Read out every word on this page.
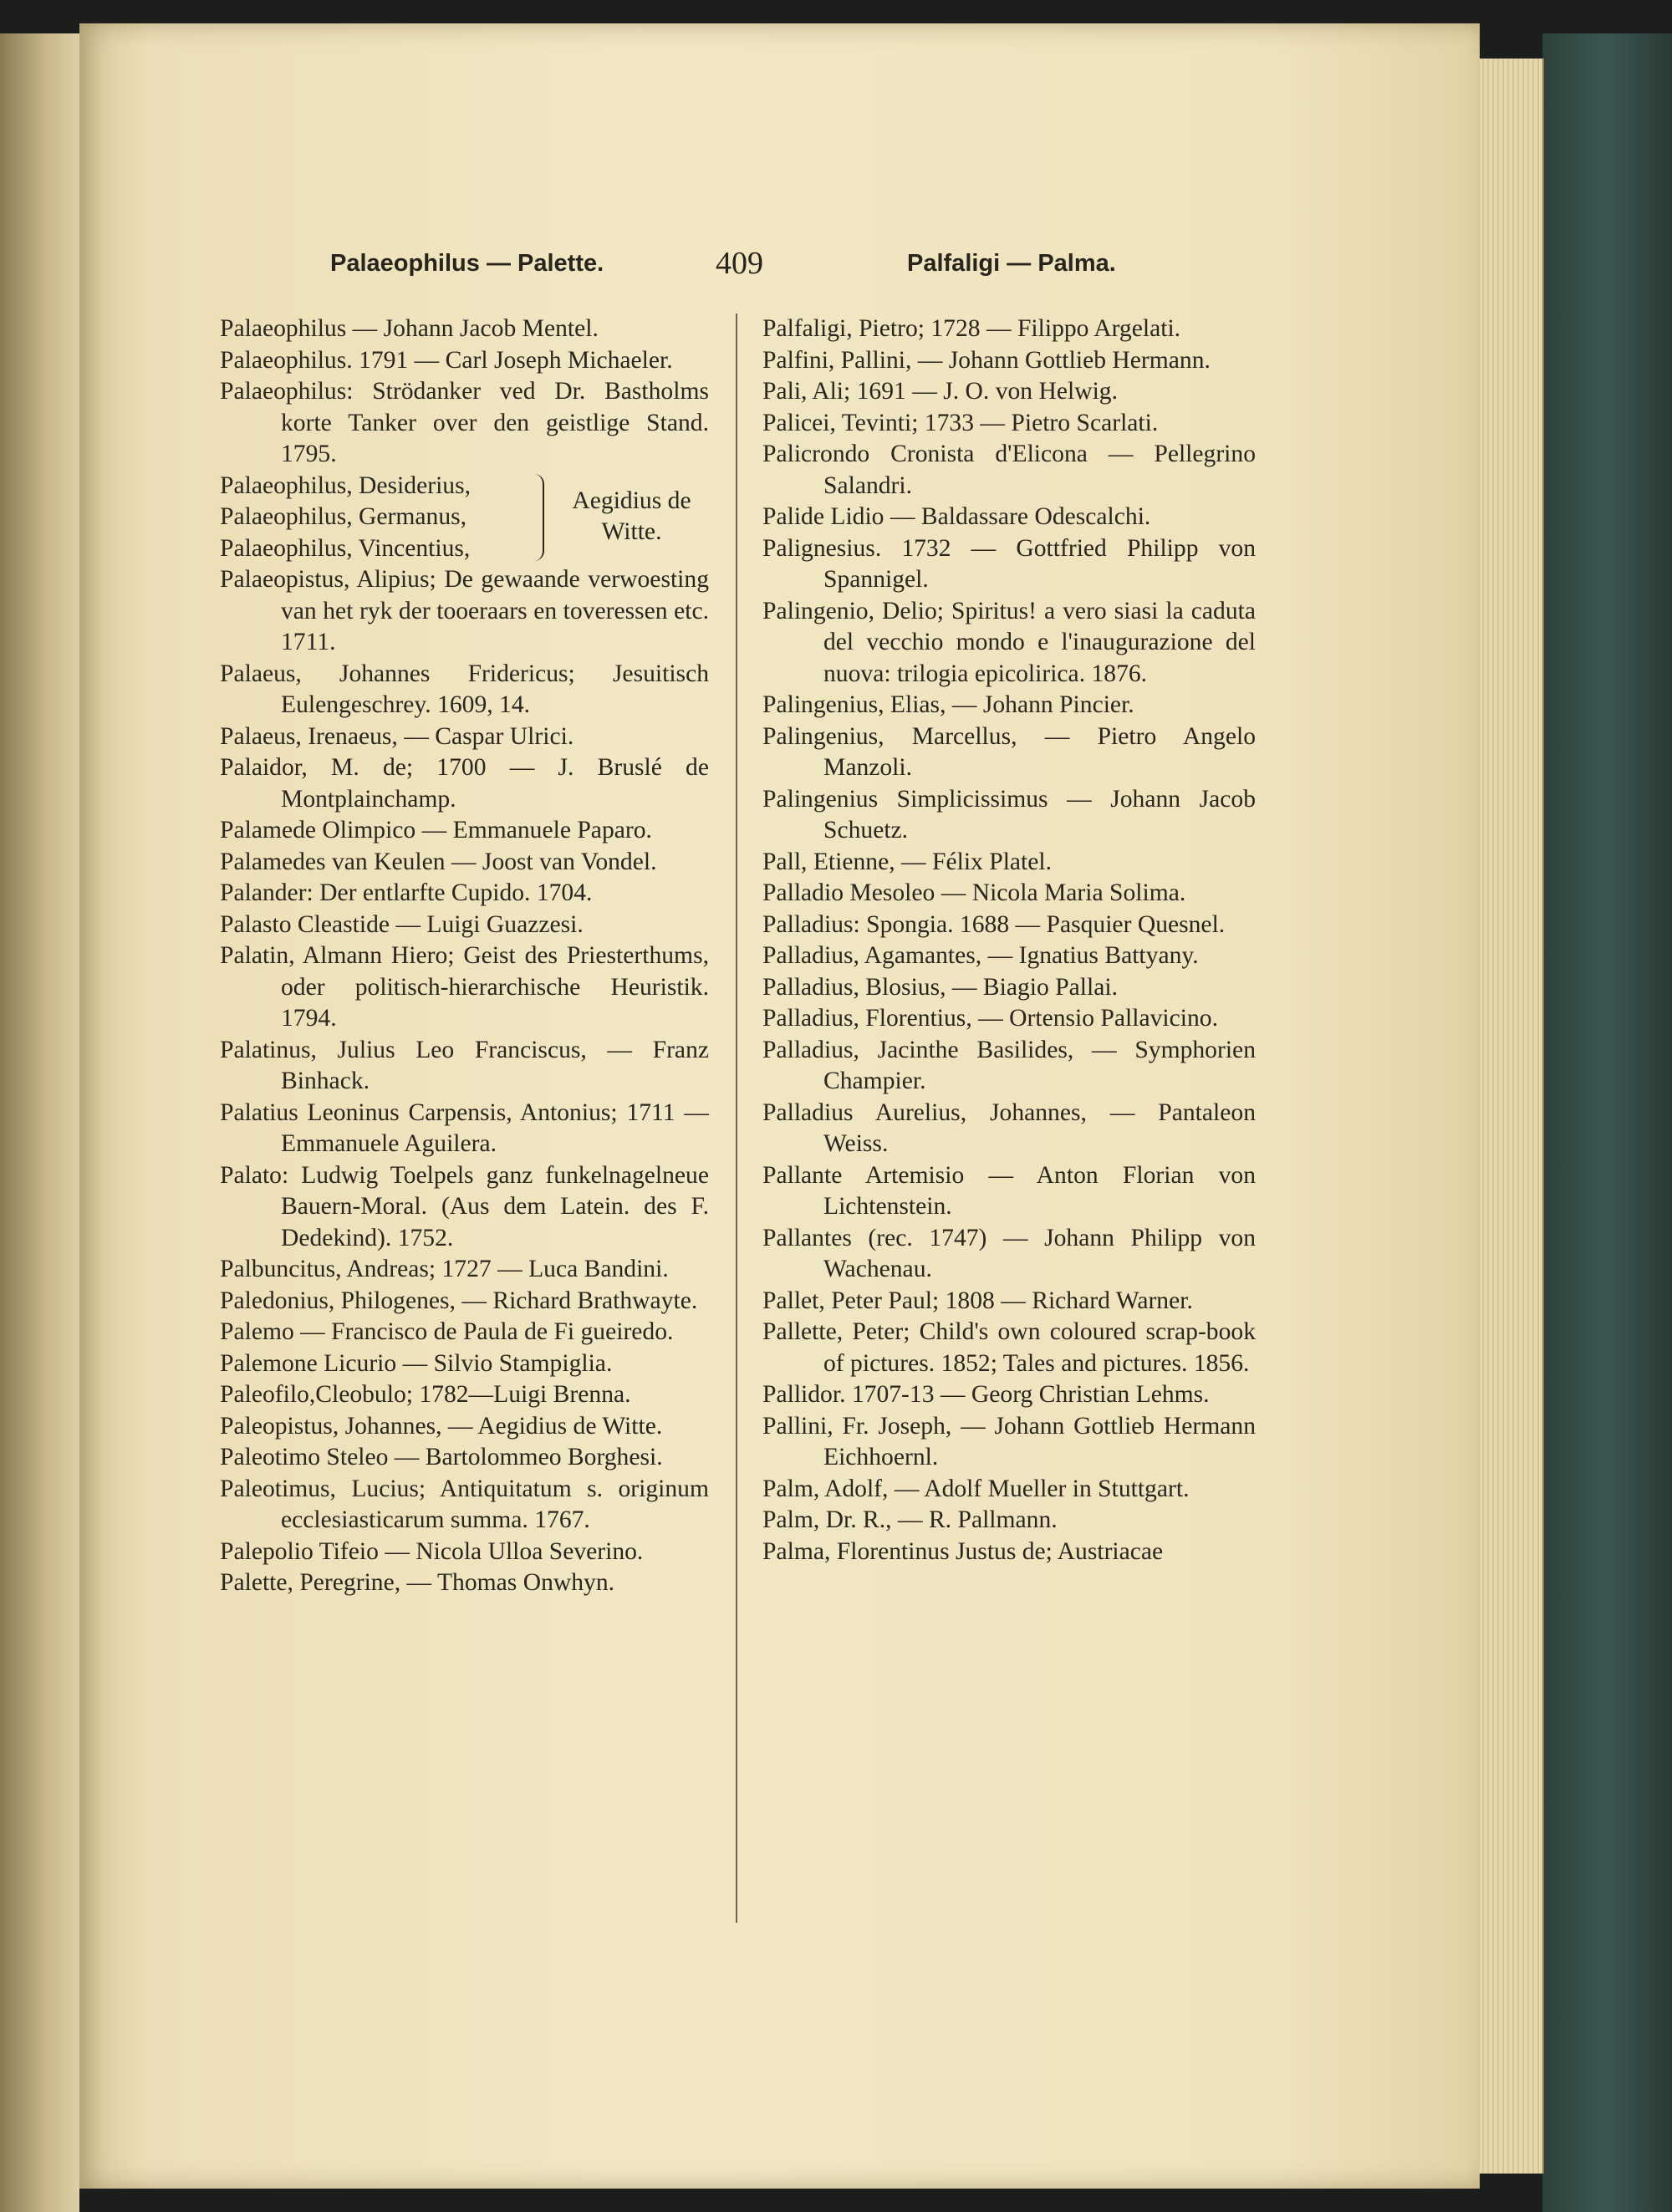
Palaeophilus — Palette.	409	Palfaligi — Palma.
Palaeophilus — Johann Jacob Mentel.
Palaeophilus. 1791 — Carl Joseph Michaeler.
Palaeophilus: Strödanker ved Dr. Bastholms korte Tanker over den geistlige Stand. 1795.
Palaeophilus, Desiderius,
Palaeophilus, Germanus,
Palaeophilus, Vincentius,
Aegidius de Witte.
Palaeopistus, Alipius; De gewaande verwoesting van het ryk der tooeraars en toveressen etc. 1711.
Palaeus, Johannes Fridericus; Jesuitisch Eulengeschrey. 1609, 14.
Palaeus, Irenaeus, — Caspar Ulrici.
Palaidor, M. de; 1700 — J. Bruslé de Montplainchamp.
Palamede Olimpico — Emmanuele Paparo.
Palamedes van Keulen — Joost van Vondel.
Palander: Der entlarfte Cupido. 1704.
Palasto Cleastide — Luigi Guazzesi.
Palatin, Almann Hiero; Geist des Priesterthums, oder politisch-hierarchische Heuristik. 1794.
Palatinus, Julius Leo Franciscus, — Franz Binhack.
Palatius Leoninus Carpensis, Antonius; 1711 — Emmanuele Aguilera.
Palato: Ludwig Toelpels ganz funkelnagelneue Bauern-Moral. (Aus dem Latein. des F. Dedekind). 1752.
Palbuncitus, Andreas; 1727 — Luca Bandini.
Paledonius, Philogenes, — Richard Brathwayte.
Palemo — Francisco de Paula de Fi gueiredo.
Palemone Licurio — Silvio Stampiglia.
Paleofilo,Cleobulo; 1782—Luigi Brenna.
Paleopistus, Johannes, — Aegidius de Witte.
Paleotimo Steleo — Bartolommeo Borghesi.
Paleotimus, Lucius; Antiquitatum s. originum ecclesiasticarum summa. 1767.
Palepolio Tifeio — Nicola Ulloa Severino.
Palette, Peregrine, — Thomas Onwhyn.
Palfaligi, Pietro; 1728 — Filippo Argelati.
Palfini, Pallini, — Johann Gottlieb Hermann.
Pali, Ali; 1691 — J. O. von Helwig.
Palicei, Tevinti; 1733 — Pietro Scarlati.
Palicrondo Cronista d'Elicona — Pellegrino Salandri.
Palide Lidio — Baldassare Odescalchi.
Palignesius. 1732 — Gottfried Philipp von Spannigel.
Palingenio, Delio; Spiritus! a vero siasi la caduta del vecchio mondo e l'inaugurazione del nuova: trilogia epicolirica. 1876.
Palingenius, Elias, — Johann Pincier.
Palingenius, Marcellus, — Pietro Angelo Manzoli.
Palingenius Simplicissimus — Johann Jacob Schuetz.
Pall, Etienne, — Félix Platel.
Palladio Mesoleo — Nicola Maria Solima.
Palladius: Spongia. 1688 — Pasquier Quesnel.
Palladius, Agamantes, — Ignatius Battyany.
Palladius, Blosius, — Biagio Pallai.
Palladius, Florentius, — Ortensio Pallavicino.
Palladius, Jacinthe Basilides, — Symphorien Champier.
Palladius Aurelius, Johannes, — Pantaleon Weiss.
Pallante Artemisio — Anton Florian von Lichtenstein.
Pallantes (rec. 1747) — Johann Philipp von Wachenau.
Pallet, Peter Paul; 1808 — Richard Warner.
Pallette, Peter; Child's own coloured scrap-book of pictures. 1852; Tales and pictures. 1856.
Pallidor. 1707-13 — Georg Christian Lehms.
Pallini, Fr. Joseph, — Johann Gottlieb Hermann Eichhoernl.
Palm, Adolf, — Adolf Mueller in Stuttgart.
Palm, Dr. R., — R. Pallmann.
Palma, Florentinus Justus de; Austriacae
